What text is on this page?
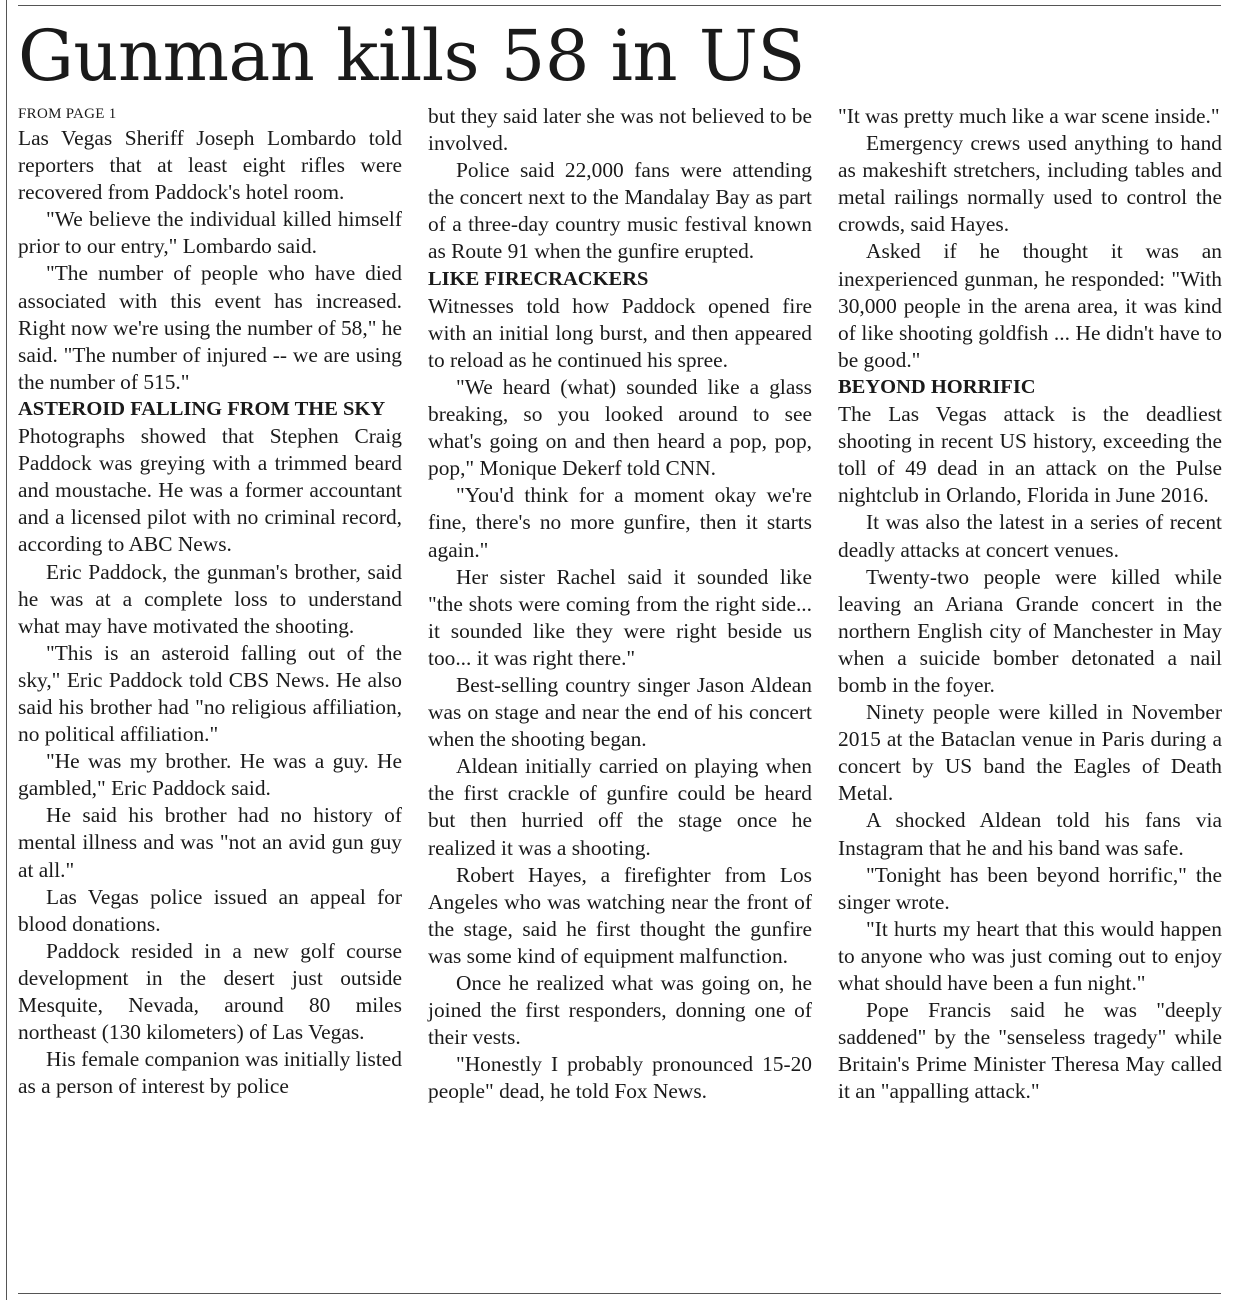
Gunman kills 58 in US
FROM PAGE 1

Las Vegas Sheriff Joseph Lombardo told reporters that at least eight rifles were recovered from Paddock's hotel room.

"We believe the individual killed himself prior to our entry," Lombardo said.

"The number of people who have died associated with this event has increased. Right now we're using the number of 58," he said. "The number of injured -- we are using the number of 515."

ASTEROID FALLING FROM THE SKY

Photographs showed that Stephen Craig Paddock was greying with a trimmed beard and moustache. He was a former accountant and a licensed pilot with no criminal record, according to ABC News.

Eric Paddock, the gunman's brother, said he was at a complete loss to understand what may have motivated the shooting.

"This is an asteroid falling out of the sky," Eric Paddock told CBS News. He also said his brother had "no religious affiliation, no political affiliation."

"He was my brother. He was a guy. He gambled," Eric Paddock said.

He said his brother had no history of mental illness and was "not an avid gun guy at all."

Las Vegas police issued an appeal for blood donations.

Paddock resided in a new golf course development in the desert just outside Mesquite, Nevada, around 80 miles northeast (130 kilometers) of Las Vegas.

His female companion was initially listed as a person of interest by police

but they said later she was not believed to be involved.

Police said 22,000 fans were attending the concert next to the Mandalay Bay as part of a three-day country music festival known as Route 91 when the gunfire erupted.

LIKE FIRECRACKERS

Witnesses told how Paddock opened fire with an initial long burst, and then appeared to reload as he continued his spree.

"We heard (what) sounded like a glass breaking, so you looked around to see what's going on and then heard a pop, pop, pop," Monique Dekerf told CNN.

"You'd think for a moment okay we're fine, there's no more gunfire, then it starts again."

Her sister Rachel said it sounded like "the shots were coming from the right side... it sounded like they were right beside us too... it was right there."

Best-selling country singer Jason Aldean was on stage and near the end of his concert when the shooting began.

Aldean initially carried on playing when the first crackle of gunfire could be heard but then hurried off the stage once he realized it was a shooting.

Robert Hayes, a firefighter from Los Angeles who was watching near the front of the stage, said he first thought the gunfire was some kind of equipment malfunction.

Once he realized what was going on, he joined the first responders, donning one of their vests.

"Honestly I probably pronounced 15-20 people" dead, he told Fox News.

"It was pretty much like a war scene inside."

Emergency crews used anything to hand as makeshift stretchers, including tables and metal railings normally used to control the crowds, said Hayes.

Asked if he thought it was an inexperienced gunman, he responded: "With 30,000 people in the arena area, it was kind of like shooting goldfish ... He didn't have to be good."

BEYOND HORRIFIC

The Las Vegas attack is the deadliest shooting in recent US history, exceeding the toll of 49 dead in an attack on the Pulse nightclub in Orlando, Florida in June 2016.

It was also the latest in a series of recent deadly attacks at concert venues.

Twenty-two people were killed while leaving an Ariana Grande concert in the northern English city of Manchester in May when a suicide bomber detonated a nail bomb in the foyer.

Ninety people were killed in November 2015 at the Bataclan venue in Paris during a concert by US band the Eagles of Death Metal.

A shocked Aldean told his fans via Instagram that he and his band was safe.

"Tonight has been beyond horrific," the singer wrote.

"It hurts my heart that this would happen to anyone who was just coming out to enjoy what should have been a fun night."

Pope Francis said he was "deeply saddened" by the "senseless tragedy" while Britain's Prime Minister Theresa May called it an "appalling attack."
